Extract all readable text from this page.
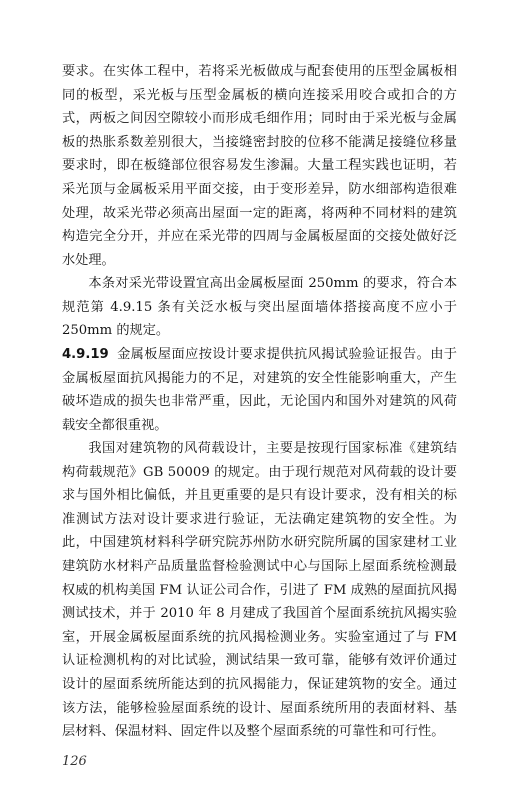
要求。在实体工程中，若将采光板做成与配套使用的压型金属板相同的板型，采光板与压型金属板的横向连接采用咬合或扣合的方式，两板之间因空隙较小而形成毛细作用；同时由于采光板与金属板的热胀系数差别很大，当接缝密封胶的位移不能满足接缝位移量要求时，即在板缝部位很容易发生渗漏。大量工程实践也证明，若采光顶与金属板采用平面交接，由于变形差异，防水细部构造很难处理，故采光带必须高出屋面一定的距离，将两种不同材料的建筑构造完全分开，并应在采光带的四周与金属板屋面的交接处做好泛水处理。

本条对采光带设置宜高出金属板屋面 250mm 的要求，符合本规范第 4.9.15 条有关泛水板与突出屋面墙体搭接高度不应小于 250mm 的规定。

4.9.19 金属板屋面应按设计要求提供抗风揭试验验证报告。由于金属板屋面抗风揭能力的不足，对建筑的安全性能影响重大，产生破坏造成的损失也非常严重，因此，无论国内和国外对建筑的风荷载安全都很重视。

我国对建筑物的风荷载设计，主要是按现行国家标准《建筑结构荷载规范》GB 50009 的规定。由于现行规范对风荷载的设计要求与国外相比偏低，并且更重要的是只有设计要求，没有相关的标准测试方法对设计要求进行验证，无法确定建筑物的安全性。为此，中国建筑材料科学研究院苏州防水研究院所属的国家建材工业建筑防水材料产品质量监督检验测试中心与国际上屋面系统检测最权威的机构美国 FM 认证公司合作，引进了 FM 成熟的屋面抗风揭测试技术，并于 2010 年 8 月建成了我国首个屋面系统抗风揭实验室，开展金属板屋面系统的抗风揭检测业务。实验室通过了与 FM 认证检测机构的对比试验，测试结果一致可靠，能够有效评价通过设计的屋面系统所能达到的抗风揭能力，保证建筑物的安全。通过该方法，能够检验屋面系统的设计、屋面系统所用的表面材料、基层材料、保温材料、固定件以及整个屋面系统的可靠性和可行性。

126
